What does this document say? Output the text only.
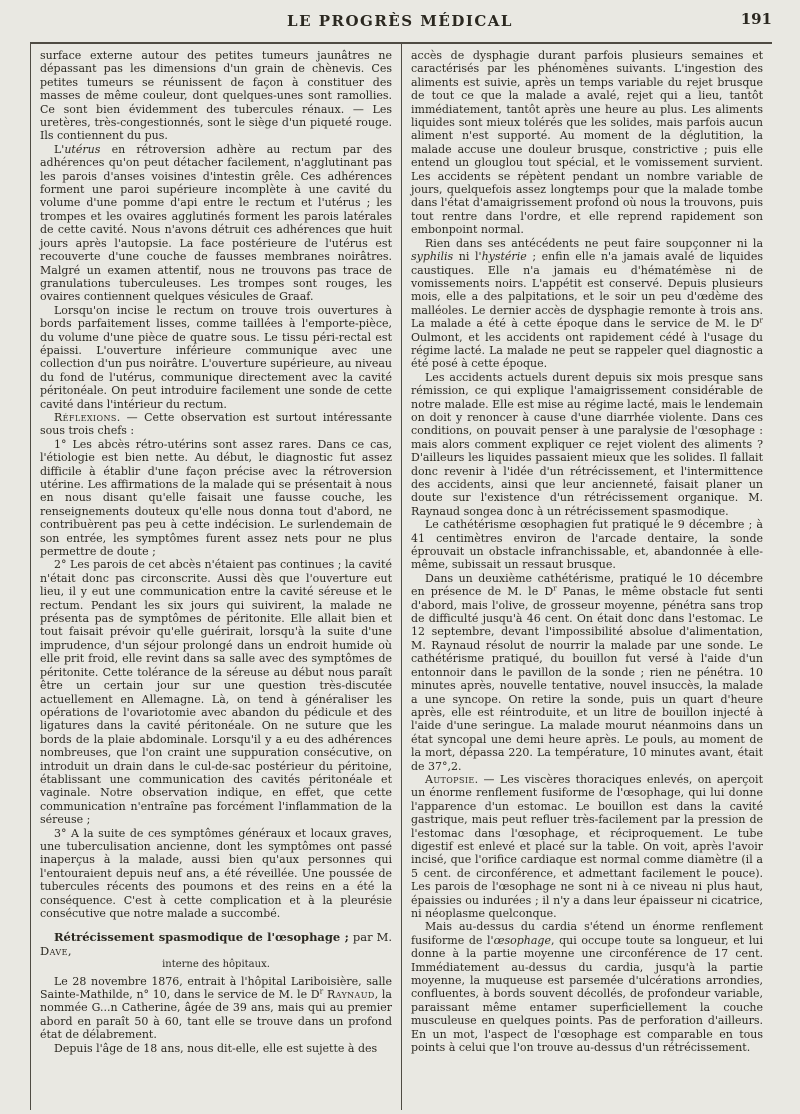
LE PROGRÈS MÉDICAL	191

surface externe autour des petites tumeurs jaunâtres ne dépassant pas les dimensions d'un grain de chènevis. Ces petites tumeurs se réunissent de façon à constituer des masses de même couleur, dont quelques-unes sont ramollies. Ce sont bien évidemment des tubercules rénaux. — Les uretères, très-congestionnés, sont le siège d'un piqueté rouge. Ils contiennent du pus.

L'utérus en rétroversion adhère au rectum par des adhérences qu'on peut détacher facilement, n'agglutinant pas les parois d'anses voisines d'intestin grêle. Ces adhérences forment une paroi supérieure incomplète à une cavité du volume d'une pomme d'api entre le rectum et l'utérus ; les trompes et les ovaires agglutinés forment les parois latérales de cette cavité. Nous n'avons détruit ces adhérences que huit jours après l'autopsie. La face postérieure de l'utérus est recouverte d'une couche de fausses membranes noirâtres. Malgré un examen attentif, nous ne trouvons pas trace de granulations tuberculeuses. Les trompes sont rouges, les ovaires contiennent quelques vésicules de Graaf.

Lorsqu'on incise le rectum on trouve trois ouvertures à bords parfaitement lisses, comme taillées à l'emporte-pièce, du volume d'une pièce de quatre sous. Le tissu péri-rectal est épaissi. L'ouverture inférieure communique avec une collection d'un pus noirâtre. L'ouverture supérieure, au niveau du fond de l'utérus, communique directement avec la cavité péritonéale. On peut introduire facilement une sonde de cette cavité dans l'intérieur du rectum.

Réflexions. — Cette observation est surtout intéressante sous trois chefs :

1° Les abcès rétro-utérins sont assez rares. Dans ce cas, l'étiologie est bien nette. Au début, le diagnostic fut assez difficile à établir d'une façon précise avec la rétroversion utérine. Les affirmations de la malade qui se présentait à nous en nous disant qu'elle faisait une fausse couche, les renseignements douteux qu'elle nous donna tout d'abord, ne contribuèrent pas peu à cette indécision. Le surlendemain de son entrée, les symptômes furent assez nets pour ne plus permettre de doute ;

2° Les parois de cet abcès n'étaient pas continues ; la cavité n'était donc pas circonscrite. Aussi dès que l'ouverture eut lieu, il y eut une communication entre la cavité séreuse et le rectum. Pendant les six jours qui suivirent, la malade ne présenta pas de symptômes de péritonite. Elle allait bien et tout faisait prévoir qu'elle guérirait, lorsqu'à la suite d'une imprudence, d'un séjour prolongé dans un endroit humide où elle prit froid, elle revint dans sa salle avec des symptômes de péritonite. Cette tolérance de la séreuse au début nous paraît être un certain jour sur une question très-discutée actuellement en Allemagne. Là, on tend à généraliser les opérations de l'ovariotomie avec abandon du pédicule et des ligatures dans la cavité péritonéale. On ne suture que les bords de la plaie abdominale. Lorsqu'il y a eu des adhérences nombreuses, que l'on craint une suppuration consécutive, on introduit un drain dans le cul-de-sac postérieur du péritoine, établissant une communication des cavités péritonéale et vaginale. Notre observation indique, en effet, que cette communication n'entraîne pas forcément l'inflammation de la séreuse ;

3° A la suite de ces symptômes généraux et locaux graves, une tuberculisation ancienne, dont les symptômes ont passé inaperçus à la malade, aussi bien qu'aux personnes qui l'entouraient depuis neuf ans, a été réveillée. Une poussée de tubercules récents des poumons et des reins en a été la conséquence. C'est à cette complication et à la pleurésie consécutive que notre malade a succombé.

Rétrécissement spasmodique de l'œsophage ; par M. Dave,

interne des hôpitaux.

Le 28 novembre 1876, entrait à l'hôpital Lariboisière, salle Sainte-Mathilde, n° 10, dans le service de M. le $D^r$ Raynaud, la nommée G...n Catherine, âgée de 39 ans, mais qui au premier abord en paraît 50 à 60, tant elle se trouve dans un profond état de délabrement.

Depuis l'âge de 18 ans, nous dit-elle, elle est sujette à des

accès de dysphagie durant parfois plusieurs semaines et caractérisés par les phénomènes suivants. L'ingestion des aliments est suivie, après un temps variable du rejet brusque de tout ce que la malade a avalé, rejet qui a lieu, tantôt immédiatement, tantôt après une heure au plus. Les aliments liquides sont mieux tolérés que les solides, mais parfois aucun aliment n'est supporté. Au moment de la déglutition, la malade accuse une douleur brusque, constrictive ; puis elle entend un glouglou tout spécial, et le vomissement survient. Les accidents se répètent pendant un nombre variable de jours, quelquefois assez longtemps pour que la malade tombe dans l'état d'amaigrissement profond où nous la trouvons, puis tout rentre dans l'ordre, et elle reprend rapidement son embonpoint normal.

Rien dans ses antécédents ne peut faire soupçonner ni la syphilis ni l'hystérie ; enfin elle n'a jamais avalé de liquides caustiques. Elle n'a jamais eu d'hématémèse ni de vomissements noirs. L'appétit est conservé. Depuis plusieurs mois, elle a des palpitations, et le soir un peu d'œdème des malléoles. Le dernier accès de dysphagie remonte à trois ans. La malade a été à cette époque dans le service de M. le $D^r$ Oulmont, et les accidents ont rapidement cédé à l'usage du régime lacté. La malade ne peut se rappeler quel diagnostic a été posé à cette époque.

Les accidents actuels durent depuis six mois presque sans rémission, ce qui explique l'amaigrissement considérable de notre malade. Elle est mise au régime lacté, mais le lendemain on doit y renoncer à cause d'une diarrhée violente. Dans ces conditions, on pouvait penser à une paralysie de l'œsophage : mais alors comment expliquer ce rejet violent des aliments ? D'ailleurs les liquides passaient mieux que les solides. Il fallait donc revenir à l'idée d'un rétrécissement, et l'intermittence des accidents, ainsi que leur ancienneté, faisait planer un doute sur l'existence d'un rétrécissement organique. M. Raynaud songea donc à un rétrécissement spasmodique.

Le cathétérisme œsophagien fut pratiqué le 9 décembre ; à 41 centimètres environ de l'arcade dentaire, la sonde éprouvait un obstacle infranchissable, et, abandonnée à elle-même, subissait un ressaut brusque.

Dans un deuxième cathétérisme, pratiqué le 10 décembre en présence de M. le $D^r$ Panas, le même obstacle fut senti d'abord, mais l'olive, de grosseur moyenne, pénétra sans trop de difficulté jusqu'à 46 cent. On était donc dans l'estomac. Le 12 septembre, devant l'impossibilité absolue d'alimentation, M. Raynaud résolut de nourrir la malade par une sonde. Le cathétérisme pratiqué, du bouillon fut versé à l'aide d'un entonnoir dans le pavillon de la sonde ; rien ne pénétra. 10 minutes après, nouvelle tentative, nouvel insuccès, la malade a une syncope. On retire la sonde, puis un quart d'heure après, elle est réintroduite, et un litre de bouillon injecté à l'aide d'une seringue. La malade mourut néanmoins dans un état syncopal une demi heure après. Le pouls, au moment de la mort, dépassa 220. La température, 10 minutes avant, était de 37°,2.

Autopsie. — Les viscères thoraciques enlevés, on aperçoit un énorme renflement fusiforme de l'œsophage, qui lui donne l'apparence d'un estomac. Le bouillon est dans la cavité gastrique, mais peut refluer très-facilement par la pression de l'estomac dans l'œsophage, et réciproquement. Le tube digestif est enlevé et placé sur la table. On voit, après l'avoir incisé, que l'orifice cardiaque est normal comme diamètre (il a 5 cent. de circonférence, et admettant facilement le pouce). Les parois de l'œsophage ne sont ni à ce niveau ni plus haut, épaissies ou indurées ; il n'y a dans leur épaisseur ni cicatrice, ni néoplasme quelconque.

Mais au-dessus du cardia s'étend un énorme renflement fusiforme de l'œsophage, qui occupe toute sa longueur, et lui donne à la partie moyenne une circonférence de 17 cent. Immédiatement au-dessus du cardia, jusqu'à la partie moyenne, la muqueuse est parsemée d'ulcérations arrondies, confluentes, à bords souvent décollés, de profondeur variable, paraissant même entamer superficiellement la couche musculeuse en quelques points. Pas de perforation d'ailleurs. En un mot, l'aspect de l'œsophage est comparable en tous points à celui que l'on trouve au-dessus d'un rétrécissement.
